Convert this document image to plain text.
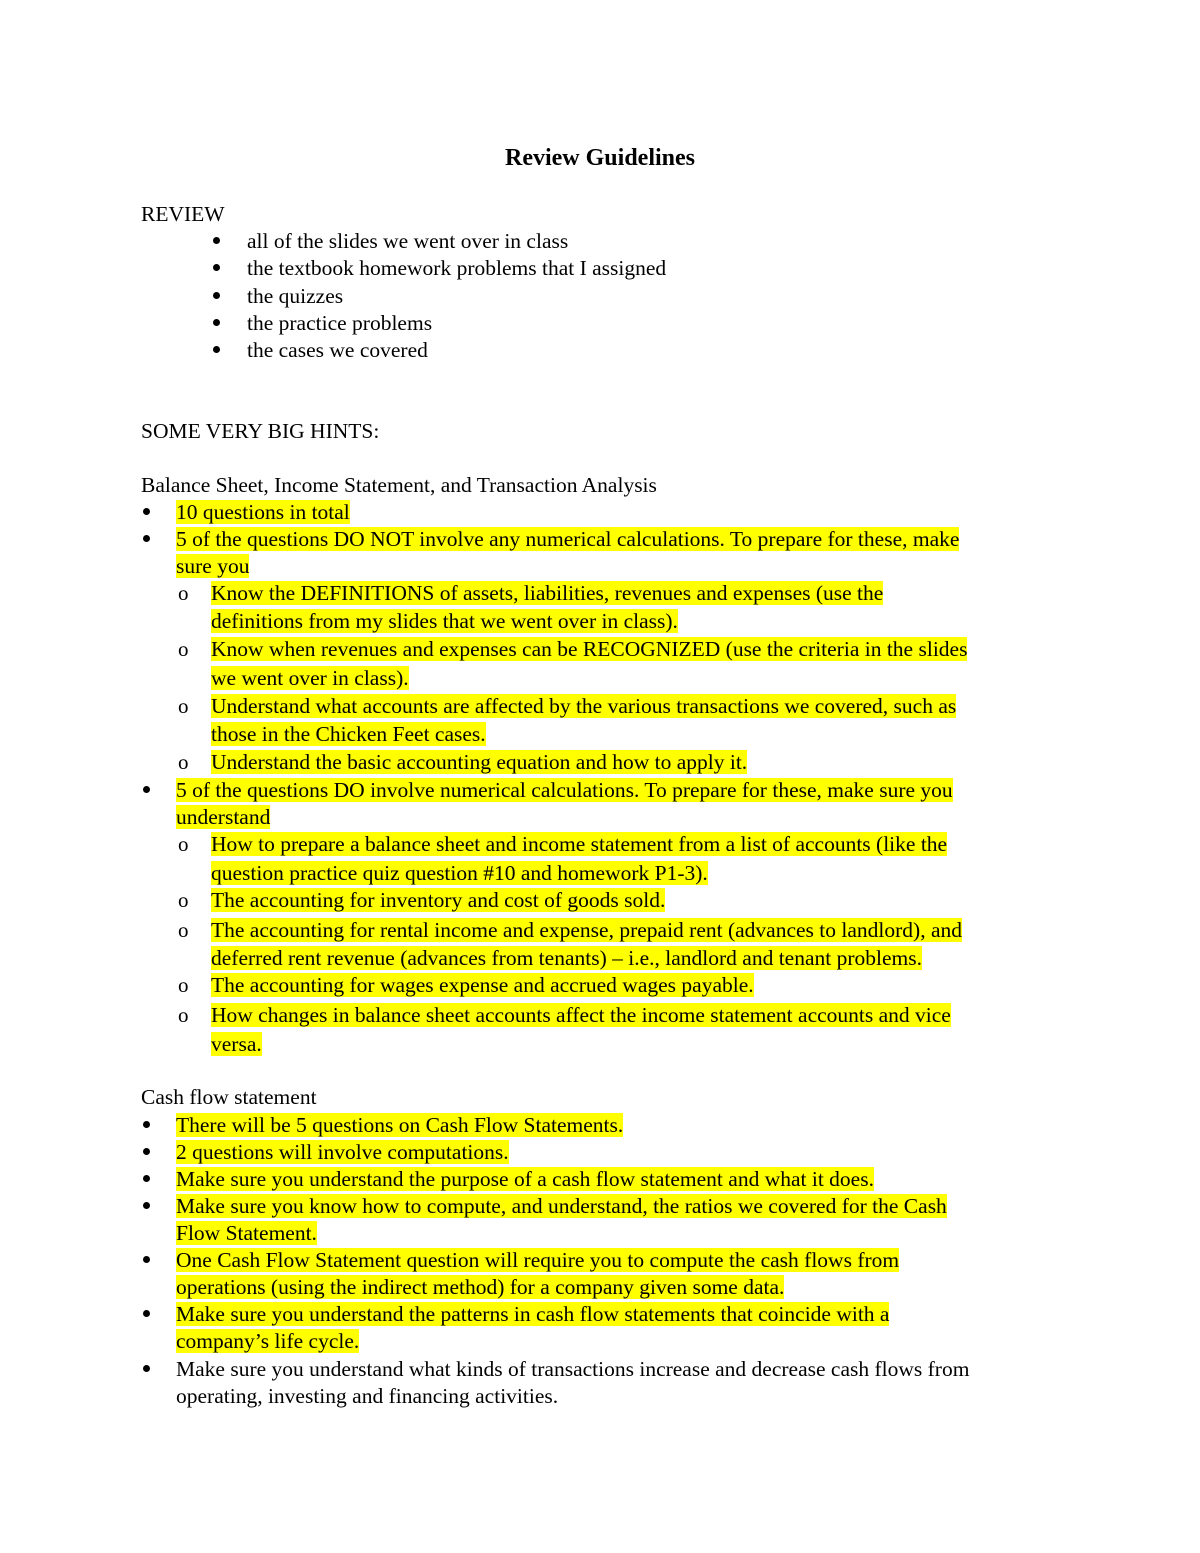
Review Guidelines
REVIEW
all of the slides we went over in class
the textbook homework problems that I assigned
the quizzes
the practice problems
the cases we covered
SOME VERY BIG HINTS:
Balance Sheet, Income Statement, and Transaction Analysis
10 questions in total
5 of the questions DO NOT involve any numerical calculations. To prepare for these, make
sure you
o Know the DEFINITIONS of assets, liabilities, revenues and expenses (use the
definitions from my slides that we went over in class).
o Know when revenues and expenses can be RECOGNIZED (use the criteria in the slides
we went over in class).
o Understand what accounts are affected by the various transactions we covered, such as
those in the Chicken Feet cases.
o Understand the basic accounting equation and how to apply it.
5 of the questions DO involve numerical calculations. To prepare for these, make sure you
understand
o How to prepare a balance sheet and income statement from a list of accounts (like the
question practice quiz question #10 and homework P1-3).
o The accounting for inventory and cost of goods sold.
o The accounting for rental income and expense, prepaid rent (advances to landlord), and
deferred rent revenue (advances from tenants) – i.e., landlord and tenant problems.
o The accounting for wages expense and accrued wages payable.
o How changes in balance sheet accounts affect the income statement accounts and vice
versa.
Cash flow statement
There will be 5 questions on Cash Flow Statements.
2 questions will involve computations.
Make sure you understand the purpose of a cash flow statement and what it does.
Make sure you know how to compute, and understand, the ratios we covered for the Cash
Flow Statement.
One Cash Flow Statement question will require you to compute the cash flows from
operations (using the indirect method) for a company given some data.
Make sure you understand the patterns in cash flow statements that coincide with a
company’s life cycle.
Make sure you understand what kinds of transactions increase and decrease cash flows from
operating, investing and financing activities.
